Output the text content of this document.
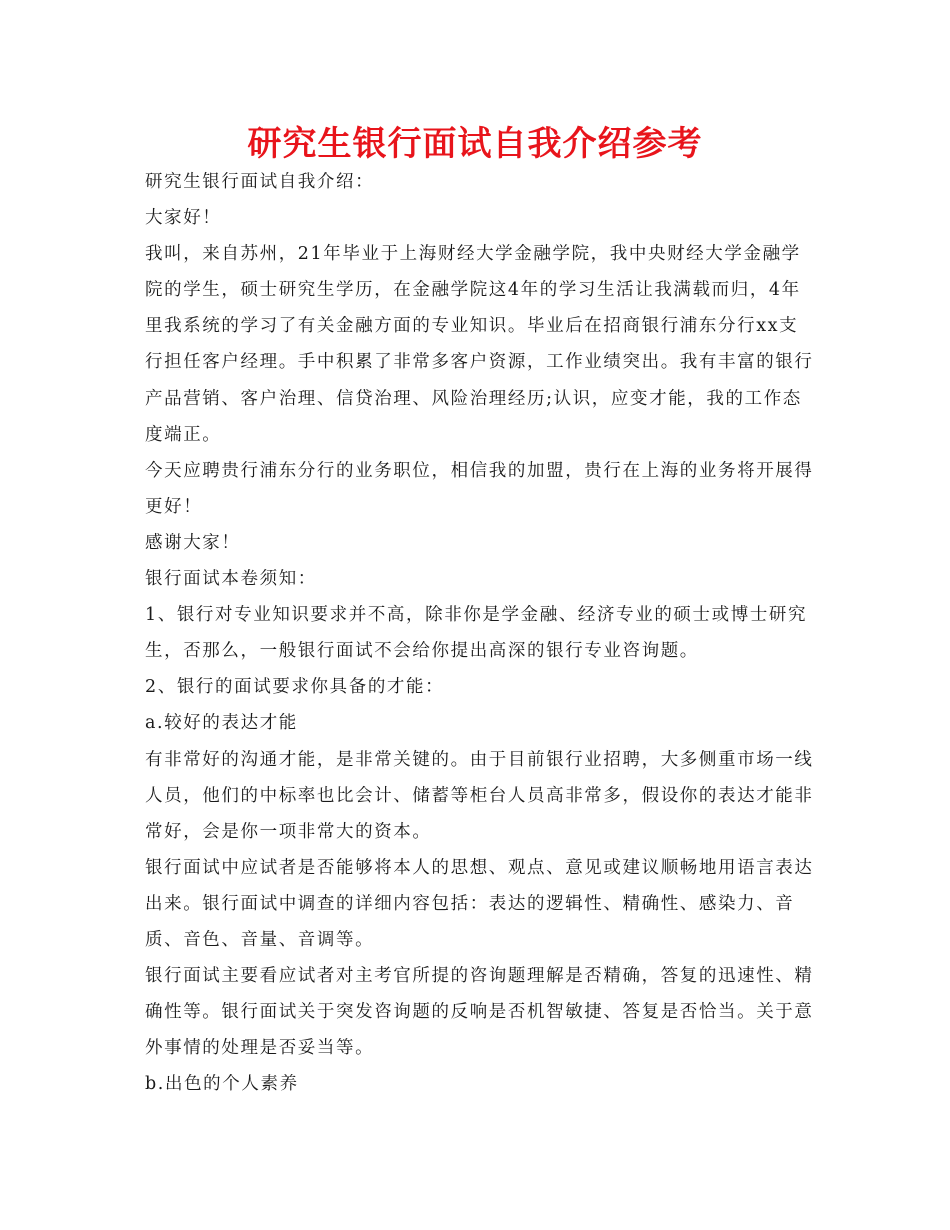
研究生银行面试自我介绍参考

研究生银行面试自我介绍：

大家好！

我叫，来自苏州，21年毕业于上海财经大学金融学院，我中央财经大学金融学院的学生，硕士研究生学历，在金融学院这4年的学习生活让我满载而归，4年里我系统的学习了有关金融方面的专业知识。毕业后在招商银行浦东分行xx支行担任客户经理。手中积累了非常多客户资源，工作业绩突出。我有丰富的银行产品营销、客户治理、信贷治理、风险治理经历;认识，应变才能，我的工作态度端正。

今天应聘贵行浦东分行的业务职位，相信我的加盟，贵行在上海的业务将开展得更好！

感谢大家！

银行面试本卷须知：

1、银行对专业知识要求并不高，除非你是学金融、经济专业的硕士或博士研究生，否那么，一般银行面试不会给你提出高深的银行专业咨询题。

2、银行的面试要求你具备的才能：

a.较好的表达才能

有非常好的沟通才能，是非常关键的。由于目前银行业招聘，大多侧重市场一线人员，他们的中标率也比会计、储蓄等柜台人员高非常多，假设你的表达才能非常好，会是你一项非常大的资本。

银行面试中应试者是否能够将本人的思想、观点、意见或建议顺畅地用语言表达出来。银行面试中调查的详细内容包括：表达的逻辑性、精确性、感染力、音质、音色、音量、音调等。

银行面试主要看应试者对主考官所提的咨询题理解是否精确，答复的迅速性、精确性等。银行面试关于突发咨询题的反响是否机智敏捷、答复是否恰当。关于意外事情的处理是否妥当等。

b.出色的个人素养
